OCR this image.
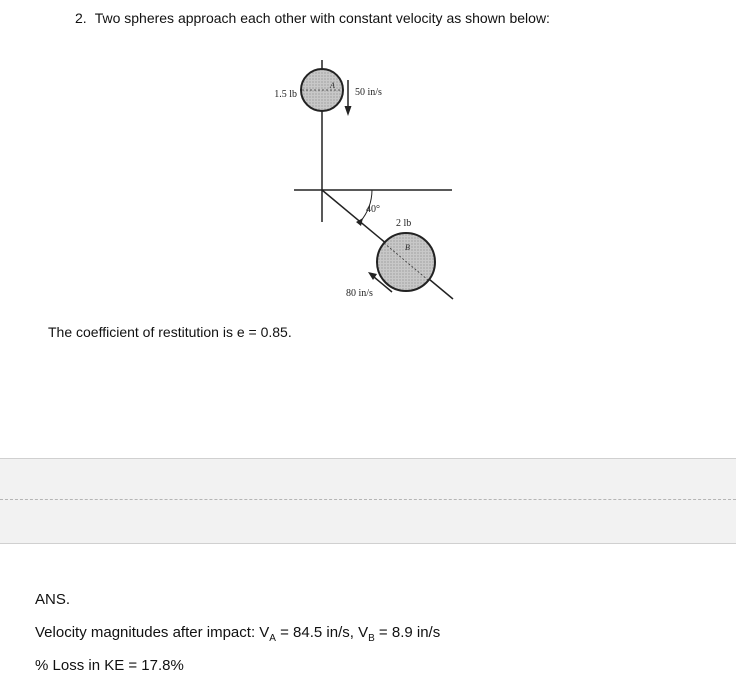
2. Two spheres approach each other with constant velocity as shown below:
A
1.5 lb	50 in/s
40°
B
2 lb
80 in/s
The coefficient of restitution is e = 0.85.
ANS.
Velocity magnitudes after impact: $V_A = 84.5$ in/s, $V_B = 8.9$ in/s
% Loss in KE = 17.8%
